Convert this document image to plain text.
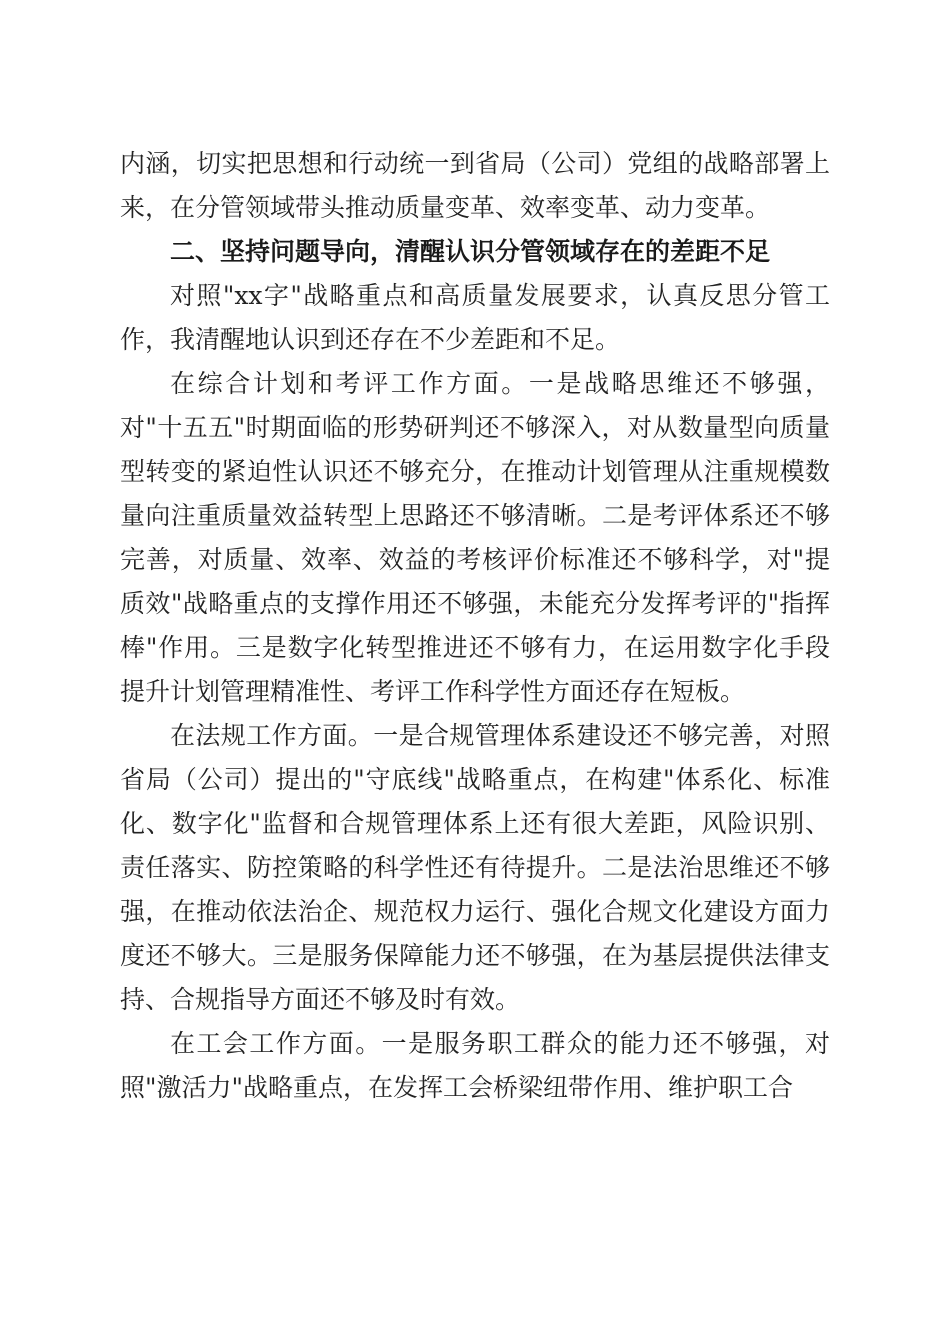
内涵，切实把思想和行动统一到省局（公司）党组的战略部署上来，在分管领域带头推动质量变革、效率变革、动力变革。

二、坚持问题导向，清醒认识分管领域存在的差距不足

对照"xx字"战略重点和高质量发展要求，认真反思分管工作，我清醒地认识到还存在不少差距和不足。

在综合计划和考评工作方面。一是战略思维还不够强，对"十五五"时期面临的形势研判还不够深入，对从数量型向质量型转变的紧迫性认识还不够充分，在推动计划管理从注重规模数量向注重质量效益转型上思路还不够清晰。二是考评体系还不够完善，对质量、效率、效益的考核评价标准还不够科学，对"提质效"战略重点的支撑作用还不够强，未能充分发挥考评的"指挥棒"作用。三是数字化转型推进还不够有力，在运用数字化手段提升计划管理精准性、考评工作科学性方面还存在短板。

在法规工作方面。一是合规管理体系建设还不够完善，对照省局（公司）提出的"守底线"战略重点，在构建"体系化、标准化、数字化"监督和合规管理体系上还有很大差距，风险识别、责任落实、防控策略的科学性还有待提升。二是法治思维还不够强，在推动依法治企、规范权力运行、强化合规文化建设方面力度还不够大。三是服务保障能力还不够强，在为基层提供法律支持、合规指导方面还不够及时有效。

在工会工作方面。一是服务职工群众的能力还不够强，对照"激活力"战略重点，在发挥工会桥梁纽带作用、维护职工合
